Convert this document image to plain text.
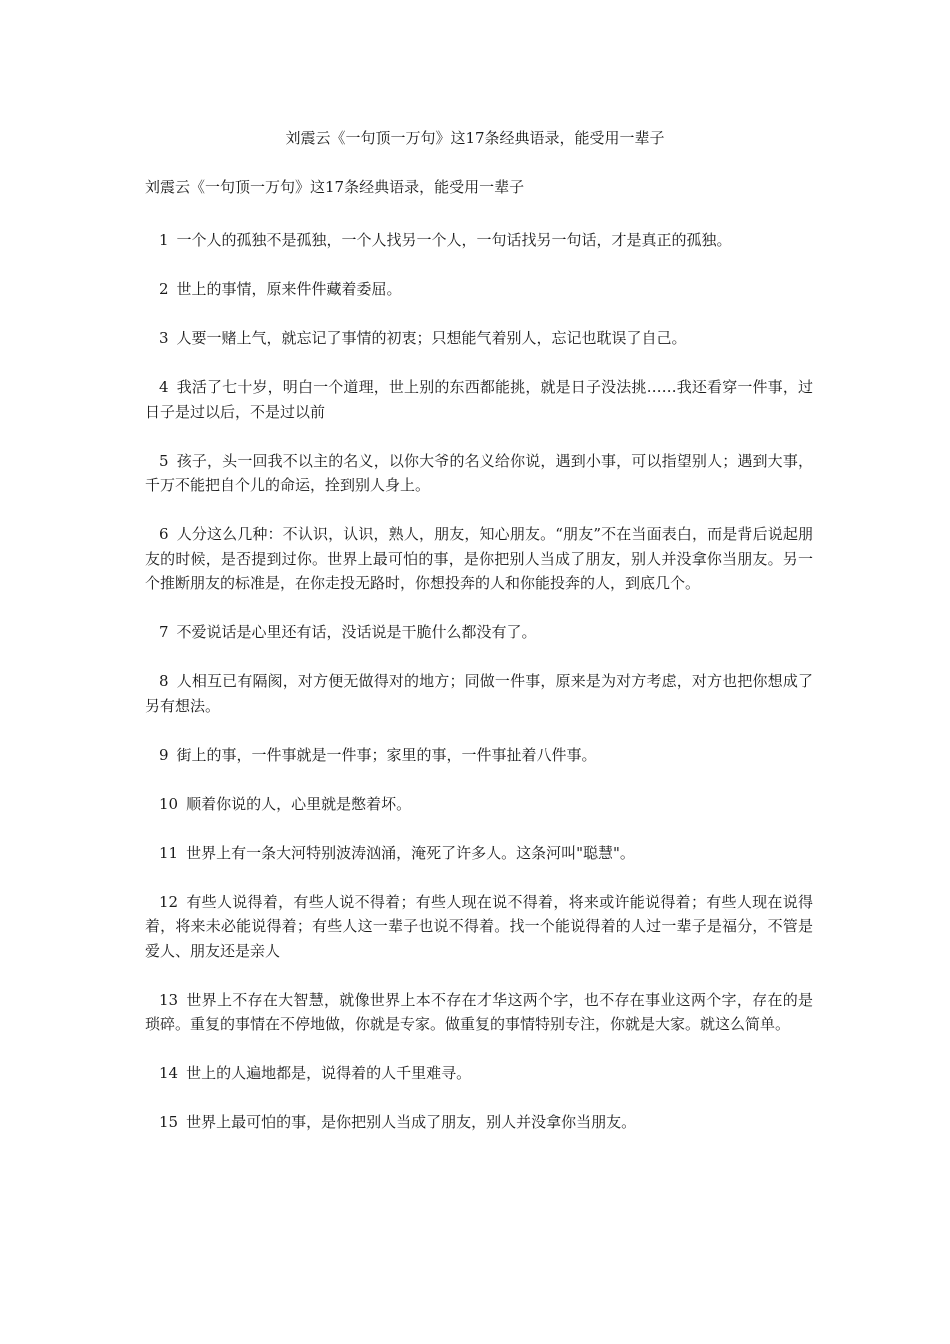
刘震云《一句顶一万句》这17条经典语录，能受用一辈子
刘震云《一句顶一万句》这17条经典语录，能受用一辈子
1 一个人的孤独不是孤独，一个人找另一个人，一句话找另一句话，才是真正的孤独。
2 世上的事情，原来件件藏着委屈。
3 人要一赌上气，就忘记了事情的初衷；只想能气着别人，忘记也耽误了自己。
4 我活了七十岁，明白一个道理，世上别的东西都能挑，就是日子没法挑……我还看穿一件事，过日子是过以后，不是过以前
5 孩子，头一回我不以主的名义，以你大爷的名义给你说，遇到小事，可以指望别人；遇到大事，千万不能把自个儿的命运，拴到别人身上。
6 人分这么几种：不认识，认识，熟人，朋友，知心朋友。“朋友”不在当面表白，而是背后说起朋友的时候，是否提到过你。世界上最可怕的事，是你把别人当成了朋友，别人并没拿你当朋友。另一个推断朋友的标准是，在你走投无路时，你想投奔的人和你能投奔的人，到底几个。
7 不爱说话是心里还有话，没话说是干脆什么都没有了。
8 人相互已有隔阂，对方便无做得对的地方；同做一件事，原来是为对方考虑，对方也把你想成了另有想法。
9 街上的事，一件事就是一件事；家里的事，一件事扯着八件事。
10 顺着你说的人，心里就是憋着坏。
11 世界上有一条大河特别波涛汹涌，淹死了许多人。这条河叫"聪慧"。
12 有些人说得着，有些人说不得着；有些人现在说不得着，将来或许能说得着；有些人现在说得着，将来未必能说得着；有些人这一辈子也说不得着。找一个能说得着的人过一辈子是福分，不管是爱人、朋友还是亲人
13 世界上不存在大智慧，就像世界上本不存在才华这两个字，也不存在事业这两个字，存在的是琐碎。重复的事情在不停地做，你就是专家。做重复的事情特别专注，你就是大家。就这么简单。
14 世上的人遍地都是，说得着的人千里难寻。
15 世界上最可怕的事，是你把别人当成了朋友，别人并没拿你当朋友。
